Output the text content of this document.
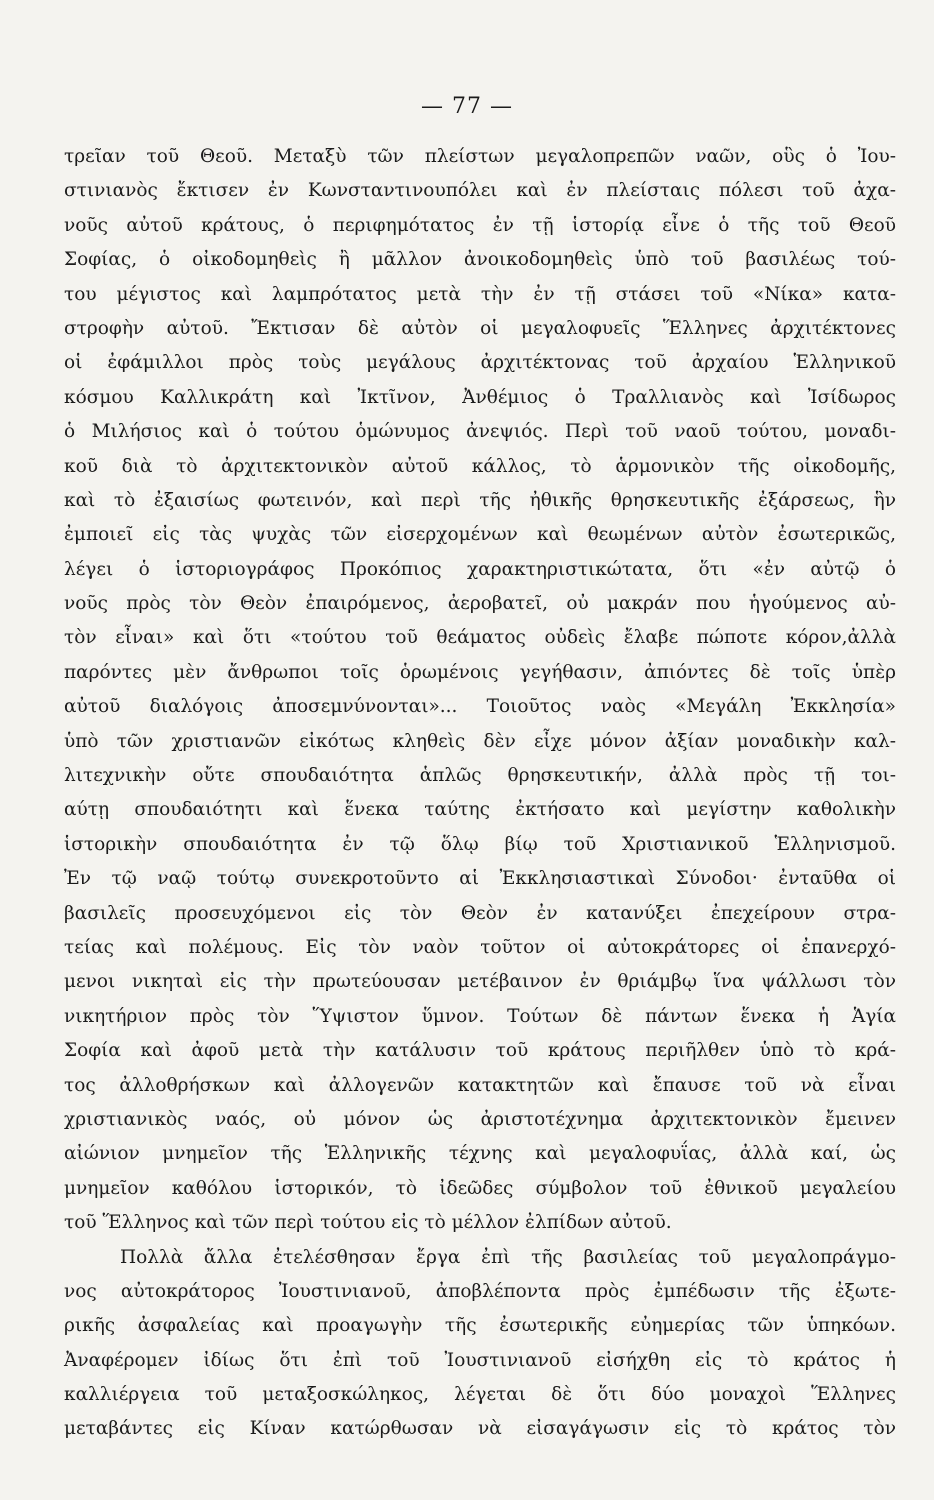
— 77 —
τρεῖαν τοῦ Θεοῦ. Μεταξὺ τῶν πλείστων μεγαλοπρεπῶν ναῶν, οὓς ὁ Ἰου-
στινιανὸς ἔκτισεν ἐν Κωνσταντινουπόλει καὶ ἐν πλείσταις πόλεσι τοῦ ἀχα-
νοῦς αὐτοῦ κράτους, ὁ περιφημότατος ἐν τῇ ἱστορίᾳ εἶνε ὁ τῆς τοῦ Θεοῦ
Σοφίας, ὁ οἰκοδομηθεὶς ἢ μᾶλλον ἀνοικοδομηθεὶς ὑπὸ τοῦ βασιλέως τού-
του μέγιστος καὶ λαμπρότατος μετὰ τὴν ἐν τῇ στάσει τοῦ «Νίκα» κατα-
στροφὴν αὐτοῦ. Ἔκτισαν δὲ αὐτὸν οἱ μεγαλοφυεῖς Ἕλληνες ἀρχιτέκτονες
οἱ ἐφάμιλλοι πρὸς τοὺς μεγάλους ἀρχιτέκτονας τοῦ ἀρχαίου Ἑλληνικοῦ
κόσμου Καλλικράτη καὶ Ἰκτῖνον, Ἀνθέμιος ὁ Τραλλιανὸς καὶ Ἰσίδωρος
ὁ Μιλήσιος καὶ ὁ τούτου ὁμώνυμος ἀνεψιός. Περὶ τοῦ ναοῦ τούτου, μοναδι-
κοῦ διὰ τὸ ἀρχιτεκτονικὸν αὐτοῦ κάλλος, τὸ ἁρμονικὸν τῆς οἰκοδομῆς,
καὶ τὸ ἐξαισίως φωτεινόν, καὶ περὶ τῆς ἠθικῆς θρησκευτικῆς ἐξάρσεως, ἣν
ἐμποιεῖ εἰς τὰς ψυχὰς τῶν εἰσερχομένων καὶ θεωμένων αὐτὸν ἐσωτερικῶς,
λέγει ὁ ἱστοριογράφος Προκόπιος χαρακτηριστικώτατα, ὅτι «ἐν αὐτῷ ὁ
νοῦς πρὸς τὸν Θεὸν ἐπαιρόμενος, ἀεροβατεῖ, οὐ μακράν που ἡγούμενος αὐ-
τὸν εἶναι» καὶ ὅτι «τούτου τοῦ θεάματος οὐδεὶς ἔλαβε πώποτε κόρον,ἀλλὰ
παρόντες μὲν ἄνθρωποι τοῖς ὁρωμένοις γεγήθασιν, ἀπιόντες δὲ τοῖς ὑπὲρ
αὐτοῦ διαλόγοις ἀποσεμνύνονται»... Τοιοῦτος ναὸς «Μεγάλη Ἐκκλησία»
ὑπὸ τῶν χριστιανῶν εἰκότως κληθεὶς δὲν εἶχε μόνον ἀξίαν μοναδικὴν καλ-
λιτεχνικὴν οὔτε σπουδαιότητα ἁπλῶς θρησκευτικήν, ἀλλὰ πρὸς τῇ τοι-
αύτῃ σπουδαιότητι καὶ ἕνεκα ταύτης ἐκτήσατο καὶ μεγίστην καθολικὴν
ἱστορικὴν σπουδαιότητα ἐν τῷ ὅλῳ βίῳ τοῦ Χριστιανικοῦ Ἑλληνισμοῦ.
Ἐν τῷ ναῷ τούτῳ συνεκροτοῦντο αἱ Ἐκκλησιαστικαὶ Σύνοδοι· ἐνταῦθα οἱ
βασιλεῖς προσευχόμενοι εἰς τὸν Θεὸν ἐν κατανύξει ἐπεχείρουν στρα-
τείας καὶ πολέμους. Εἰς τὸν ναὸν τοῦτον οἱ αὐτοκράτορες οἱ ἐπανερχό-
μενοι νικηταὶ εἰς τὴν πρωτεύουσαν μετέβαινον ἐν θριάμβῳ ἵνα ψάλλωσι τὸν
νικητήριον πρὸς τὸν Ὕψιστον ὕμνον. Τούτων δὲ πάντων ἕνεκα ἡ Ἁγία
Σοφία καὶ ἀφοῦ μετὰ τὴν κατάλυσιν τοῦ κράτους περιῆλθεν ὑπὸ τὸ κρά-
τος ἀλλοθρήσκων καὶ ἀλλογενῶν κατακτητῶν καὶ ἔπαυσε τοῦ νὰ εἶναι
χριστιανικὸς ναός, οὐ μόνον ὡς ἀριστοτέχνημα ἀρχιτεκτονικὸν ἔμεινεν
αἰώνιον μνημεῖον τῆς Ἑλληνικῆς τέχνης καὶ μεγαλοφυΐας, ἀλλὰ καί, ὡς
μνημεῖον καθόλου ἱστορικόν, τὸ ἰδεῶδες σύμβολον τοῦ ἐθνικοῦ μεγαλείου
τοῦ Ἕλληνος καὶ τῶν περὶ τούτου εἰς τὸ μέλλον ἐλπίδων αὐτοῦ.
Πολλὰ ἄλλα ἐτελέσθησαν ἔργα ἐπὶ τῆς βασιλείας τοῦ μεγαλοπράγμο-
νος αὐτοκράτορος Ἰουστινιανοῦ, ἀποβλέποντα πρὸς ἐμπέδωσιν τῆς ἐξωτε-
ρικῆς ἀσφαλείας καὶ προαγωγὴν τῆς ἐσωτερικῆς εὐημερίας τῶν ὑπηκόων.
Ἀναφέρομεν ἰδίως ὅτι ἐπὶ τοῦ Ἰουστινιανοῦ εἰσήχθη εἰς τὸ κράτος ἡ
καλλιέργεια τοῦ μεταξοσκώληκος, λέγεται δὲ ὅτι δύο μοναχοὶ Ἕλληνες
μεταβάντες εἰς Κίναν κατώρθωσαν νὰ εἰσαγάγωσιν εἰς τὸ κράτος τὸν
